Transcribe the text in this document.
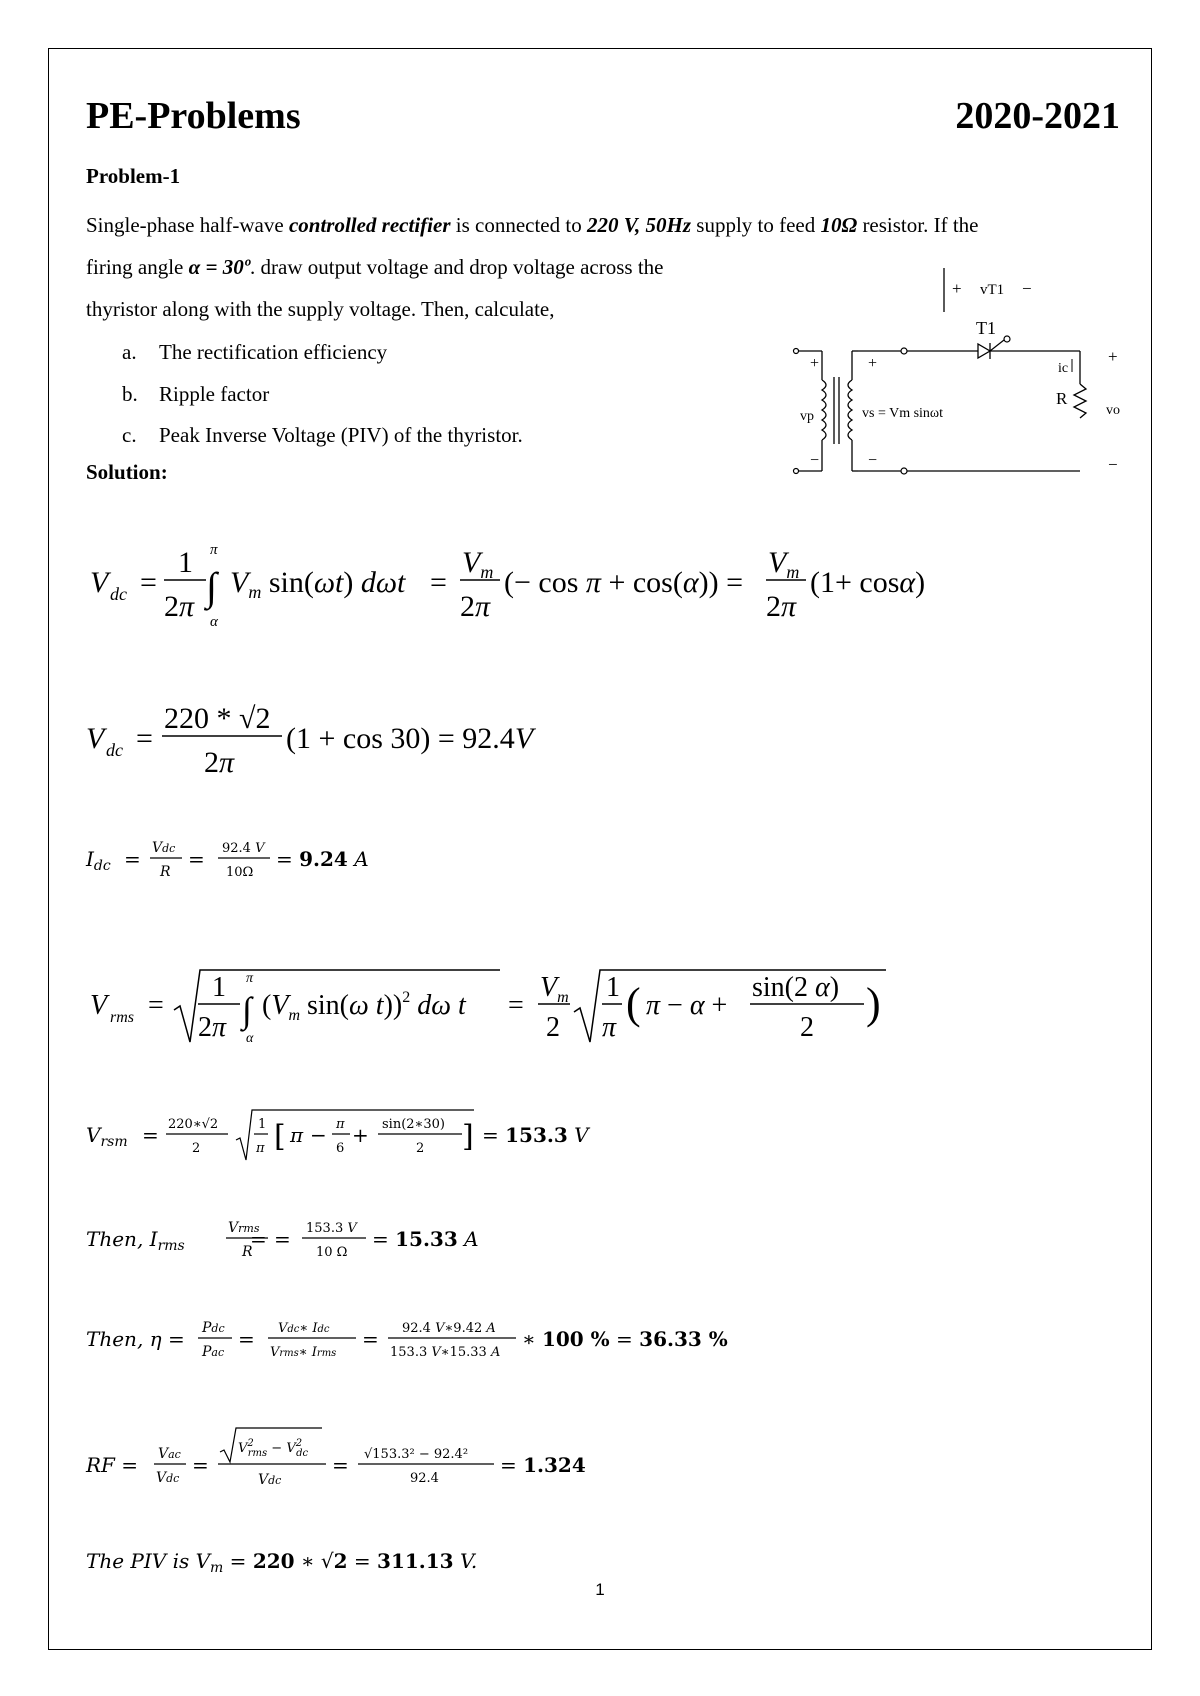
PE-Problems	2020-2021
Problem-1
Single-phase half-wave controlled rectifier is connected to 220 V, 50Hz supply to feed 10Ω resistor. If the
firing angle α = 30º. draw output voltage and drop voltage across the
thyristor along with the supply voltage. Then, calculate,
a. The rectification efficiency
b. Ripple factor
c. Peak Inverse Voltage (PIV) of the thyristor.
Solution:
+ vT1 −
T1
ic
R
+
vo
−
+	+
−	−
vp	vs = Vm sinωt
V dc =
1
2π
π
∫
α
$V_m$ sin(ωt) dωt =
$V_m$
2π
(− cos π + cos(α)) =
$V_m$
2π
(1+ cosα)
V dc =
220 * √2
2π
(1 + cos 30) = 92.4V
$I_{dc}$ = Vdc
R
= 92.4 V
10Ω
= 9.24 A
V rms =
1
2π
π
∫
α
($V_m$ sin(ω t))$^2$ dω t =
$V_m$
2
1
π ( π − α +
sin(2 α)
2 )
$V_{rsm}$ = 220∗√2
2
1
π [ π − π
6
+ sin(2∗30)
2 ] = 153.3 V
Then, $I_{rms}$	=
Vrms
R
= 153.3 V
10 Ω
= 15.33 A
Then, η = Pdc
Pac
= Vdc∗ Idc
Vrms∗ Irms
= 92.4 V∗9.42 A
153.3 V∗15.33 A
∗ 100 % = 36.33 %
RF = Vac
Vdc
=
$V^2$ rms − $V^2$ dc
Vdc
= √153.3² − 92.4²
92.4
= 1.324
The PIV is $V_m = 220$ ∗ √2 = 311.13 V.
1
